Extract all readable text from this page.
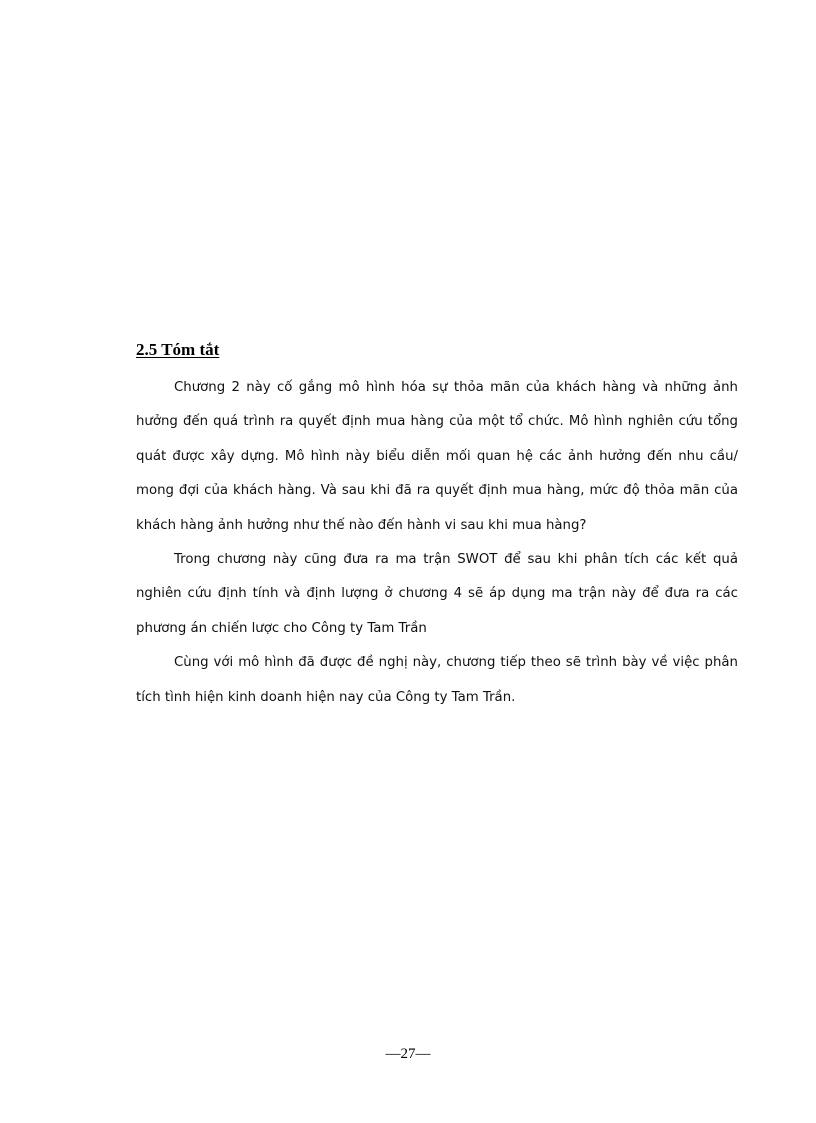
2.5 Tóm tắt

Chương 2 này cố gắng mô hình hóa sự thỏa mãn của khách hàng và những ảnh hưởng đến quá trình ra quyết định mua hàng của một tổ chức. Mô hình nghiên cứu tổng quát được xây dựng. Mô hình này biểu diễn mối quan hệ các ảnh hưởng đến nhu cầu/ mong đợi của khách hàng. Và sau khi đã ra quyết định mua hàng, mức độ thỏa mãn của khách hàng ảnh hưởng như thế nào đến hành vi sau khi mua hàng?

Trong chương này cũng đưa ra ma trận SWOT để sau khi phân tích các kết quả nghiên cứu định tính và định lượng ở chương 4 sẽ áp dụng ma trận này để đưa ra các phương án chiến lược cho Công ty Tam Trần

Cùng với mô hình đã được đề nghị này, chương tiếp theo sẽ trình bày về việc phân tích tình hiện kinh doanh hiện nay của Công ty Tam Trần.

—27—
